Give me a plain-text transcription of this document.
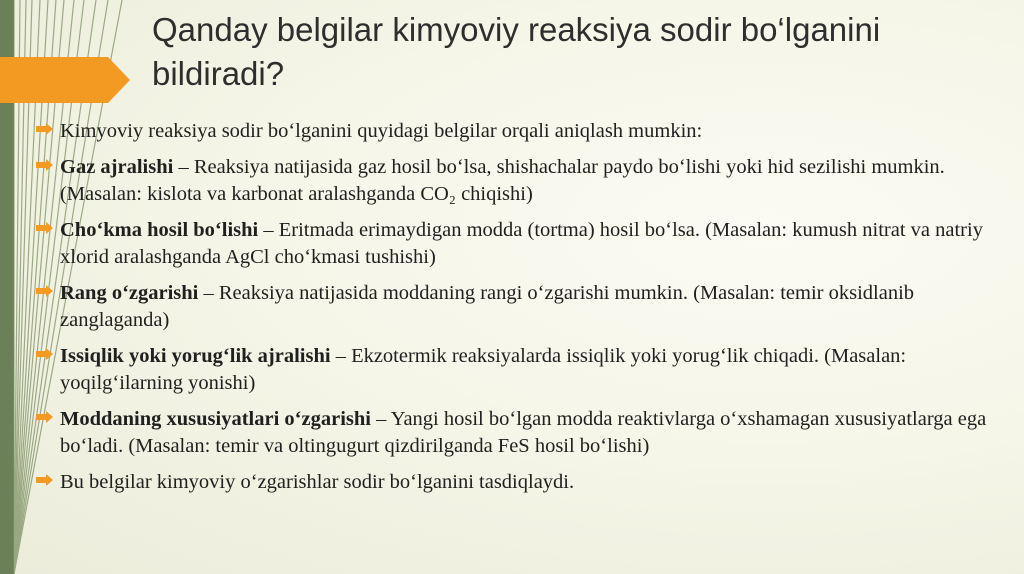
Qanday belgilar kimyoviy reaksiya sodir bo‘lganini bildiradi?
Kimyoviy reaksiya sodir bo‘lganini quyidagi belgilar orqali aniqlash mumkin:
Gaz ajralishi – Reaksiya natijasida gaz hosil bo‘lsa, shishachalar paydo bo‘lishi yoki hid sezilishi mumkin. (Masalan: kislota va karbonat aralashganda CO₂ chiqishi)
Cho‘kma hosil bo‘lishi – Eritmada erimaydigan modda (tortma) hosil bo‘lsa. (Masalan: kumush nitrat va natriy xlorid aralashganda AgCl cho‘kmasi tushishi)
Rang o‘zgarishi – Reaksiya natijasida moddaning rangi o‘zgarishi mumkin. (Masalan: temir oksidlanib zanglaganda)
Issiqlik yoki yorug‘lik ajralishi – Ekzotermik reaksiyalarda issiqlik yoki yorug‘lik chiqadi. (Masalan: yoqilg‘ilarning yonishi)
Moddaning xususiyatlari o‘zgarishi – Yangi hosil bo‘lgan modda reaktivlarga o‘xshamagan xususiyatlarga ega bo‘ladi. (Masalan: temir va oltingugurt qizdirilganda FeS hosil bo‘lishi)
Bu belgilar kimyoviy o‘zgarishlar sodir bo‘lganini tasdiqlaydi.
